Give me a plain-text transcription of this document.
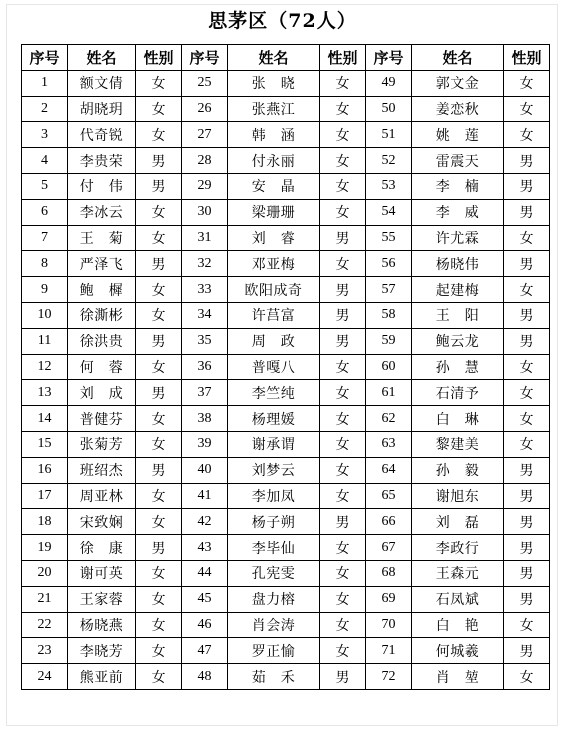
思茅区（72人）
序号	姓名	性别	序号	姓名	性别	序号	姓名	性别
1	额文倩	女	25	张　晓	女	49	郭文金	女
2	胡晓玥	女	26	张燕江	女	50	姜恋秋	女
3	代奇锐	女	27	韩　涵	女	51	姚　莲	女
4	李贵荣	男	28	付永丽	女	52	雷震天	男
5	付　伟	男	29	安　晶	女	53	李　楠	男
6	李冰云	女	30	梁珊珊	女	54	李　威	男
7	王　菊	女	31	刘　睿	男	55	许尤霖	女
8	严泽飞	男	32	邓亚梅	女	56	杨晓伟	男
9	鲍　樨	女	33	欧阳成奇	男	57	起建梅	女
10	徐澌彬	女	34	许莒富	男	58	王　阳	男
11	徐洪贵	男	35	周　政	男	59	鲍云龙	男
12	何　蓉	女	36	普嘎八	女	60	孙　慧	女
13	刘　成	男	37	李竺纯	女	61	石清予	女
14	普健芬	女	38	杨理媛	女	62	白　琳	女
15	张菊芳	女	39	谢承谓	女	63	黎建美	女
16	班绍杰	男	40	刘梦云	女	64	孙　毅	男
17	周亚林	女	41	李加凤	女	65	谢旭东	男
18	宋致娴	女	42	杨子朔	男	66	刘　磊	男
19	徐　康	男	43	李毕仙	女	67	李政行	男
20	谢可英	女	44	孔宪雯	女	68	王森元	男
21	王家蓉	女	45	盘力榕	女	69	石凤斌	男
22	杨晓燕	女	46	肖会涛	女	70	白　艳	女
23	李晓芳	女	47	罗正愉	女	71	何城羲	男
24	熊亚前	女	48	茹　禾	男	72	肖　堃	女
